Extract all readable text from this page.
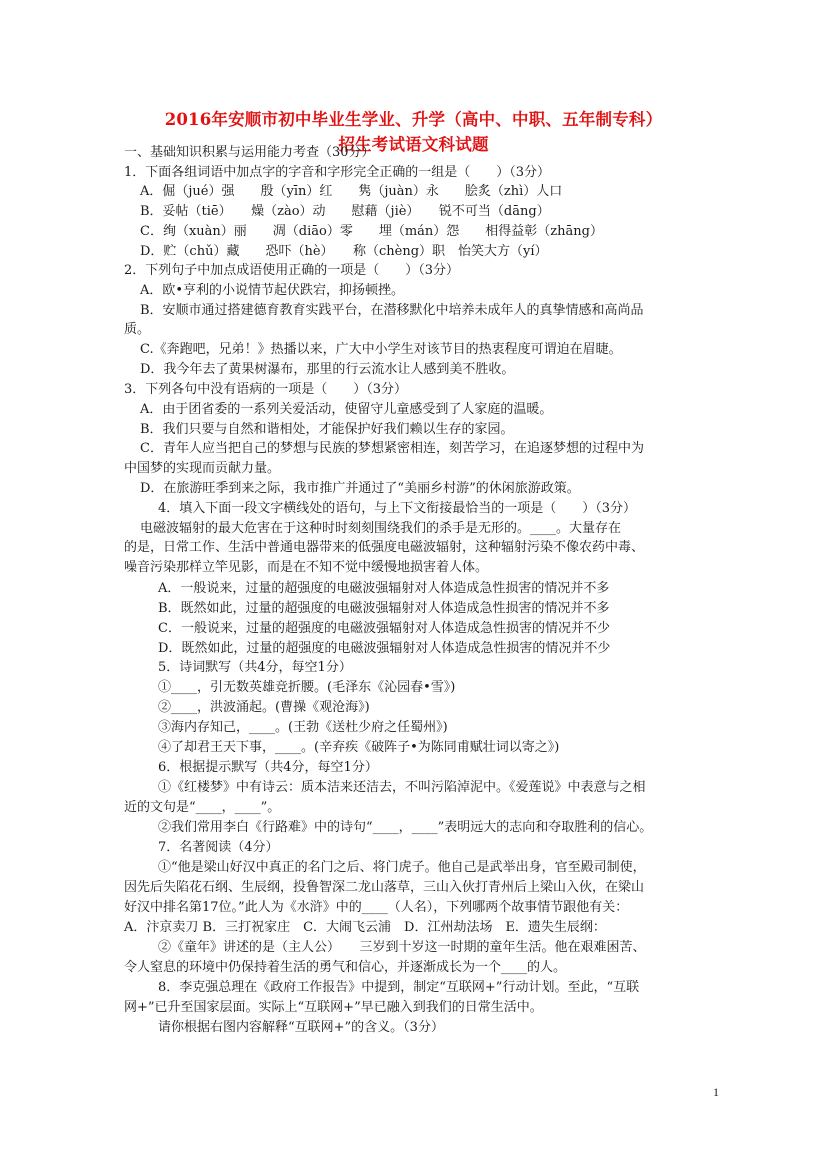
2016年安顺市初中毕业生学业、升学（高中、中职、五年制专科）
招生考试语文科试题
一、基础知识积累与运用能力考查（30分）
1．下面各组词语中加点字的字音和字形完全正确的一组是（　　）（3分）
A．倔（jué）强　　殷（yīn）红　　隽（juàn）永　　脍炙（zhì）人口
B．妥帖（tiē）　　燥（zào）动　　慰藉（jiè）　　锐不可当（dāng）
C．绚（xuàn）丽　　凋（diāo）零　　埋（mán）怨　　相得益彰（zhāng）
D．贮（chǔ）藏　　恐吓（hè）　　称（chèng）职　怡笑大方（yí）
2．下列句子中加点成语使用正确的一项是（　　）（3分）
A．欧•亨利的小说情节起伏跌宕，抑扬顿挫。
B．安顺市通过搭建德育教育实践平台，在潜移默化中培养未成年人的真挚情感和高尚品
质。
C.《奔跑吧，兄弟！》热播以来，广大中小学生对该节目的热衷程度可谓迫在眉睫。
D．我今年去了黄果树瀑布，那里的行云流水让人感到美不胜收。
3．下列各句中没有语病的一项是（　　）（3分）
A．由于团省委的一系列关爱活动，使留守儿童感受到了人家庭的温暖。
B．我们只要与自然和谐相处，才能保护好我们赖以生存的家园。
C．青年人应当把自己的梦想与民族的梦想紧密相连，刻苦学习，在追逐梦想的过程中为
中国梦的实现而贡献力量。
D．在旅游旺季到来之际，我市推广并通过了“美丽乡村游”的休闲旅游政策。
4．填入下面一段文字横线处的语句，与上下文衔接最恰当的一项是（　　）（3分）
电磁波辐射的最大危害在于这种时时刻刻围绕我们的杀手是无形的。____。大量存在
的是，日常工作、生活中普通电器带来的低强度电磁波辐射，这种辐射污染不像农药中毒、
噪音污染那样立竿见影，而是在不知不觉中缓慢地损害着人体。
A．一般说来，过量的超强度的电磁波强辐射对人体造成急性损害的情况并不多
B．既然如此，过量的超强度的电磁波强辐射对人体造成急性损害的情况并不多
C．一般说来，过量的超强度的电磁波强辐射对人体造成急性损害的情况并不少
D．既然如此，过量的超强度的电磁波强辐射对人体造成急性损害的情况并不少
5．诗词默写（共4分，每空1分）
①____，引无数英雄竞折腰。(毛泽东《沁园春•雪》)
②____，洪波涌起。(曹操《观沧海》)
③海内存知己，____。(王勃《送杜少府之任蜀州》)
④了却君王天下事，____。(辛弃疾《破阵子•为陈同甫赋壮词以寄之》)
6．根据提示默写（共4分，每空1分）
①《红楼梦》中有诗云：质本洁来还洁去，不叫污陷淖泥中。《爱莲说》中表意与之相
近的文句是“____，____”。
②我们常用李白《行路难》中的诗句“____，____”表明远大的志向和夺取胜利的信心。
7．名著阅读（4分）
①“他是梁山好汉中真正的名门之后、将门虎子。他自己是武举出身，官至殿司制使，
因先后失陷花石纲、生辰纲，投鲁智深二龙山落草，三山入伙打青州后上梁山入伙，在梁山
好汉中排名第17位。”此人为《水浒》中的____（人名），下列哪两个故事情节跟他有关：
A．汴京卖刀 B．三打祝家庄　C．大闹飞云浦　D．江州劫法场　E．遗失生辰纲：
②《童年》讲述的是（主人公）　　三岁到十岁这一时期的童年生活。他在艰难困苦、
令人窒息的环境中仍保持着生活的勇气和信心，并逐渐成长为一个____的人。
8．李克强总理在《政府工作报告》中提到，制定“互联网+”行动计划。至此，“互联
网+”已升至国家层面。实际上“互联网+”早已融入到我们的日常生活中。
请你根据右图内容解释“互联网+”的含义。（3分）
1
